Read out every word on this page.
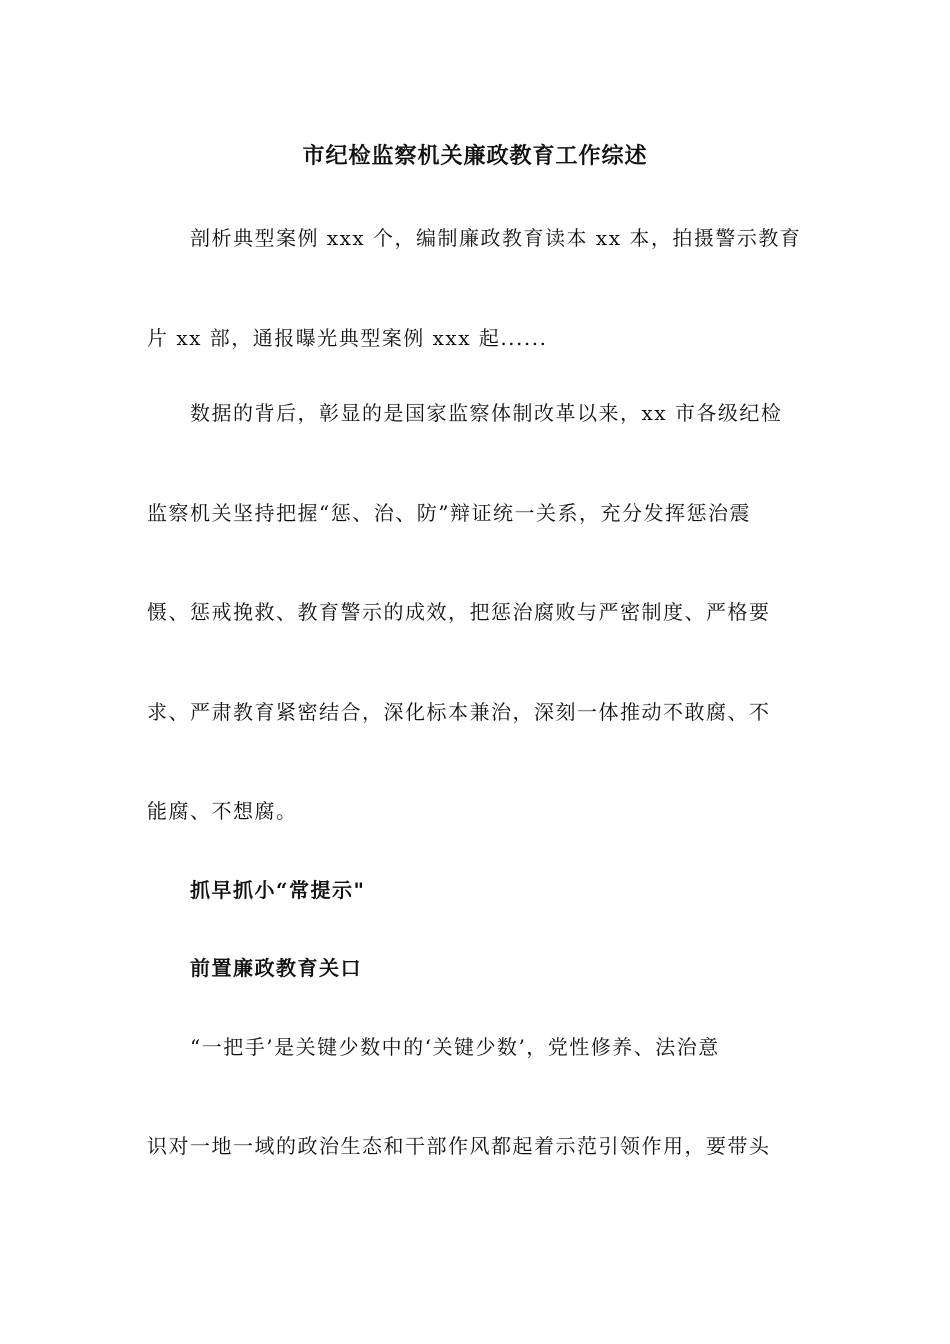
市纪检监察机关廉政教育工作综述
剖析典型案例 xxx 个，编制廉政教育读本 xx 本，拍摄警示教育
片 xx 部，通报曝光典型案例 xxx 起......
数据的背后，彰显的是国家监察体制改革以来，xx 市各级纪检
监察机关坚持把握“惩、治、防”辩证统一关系，充分发挥惩治震
慑、惩戒挽救、教育警示的成效，把惩治腐败与严密制度、严格要
求、严肃教育紧密结合，深化标本兼治，深刻一体推动不敢腐、不
能腐、不想腐。
抓早抓小“常提示"
前置廉政教育关口
“一把手’是关键少数中的‘关键少数’，党性修养、法治意
识对一地一域的政治生态和干部作风都起着示范引领作用，要带头
